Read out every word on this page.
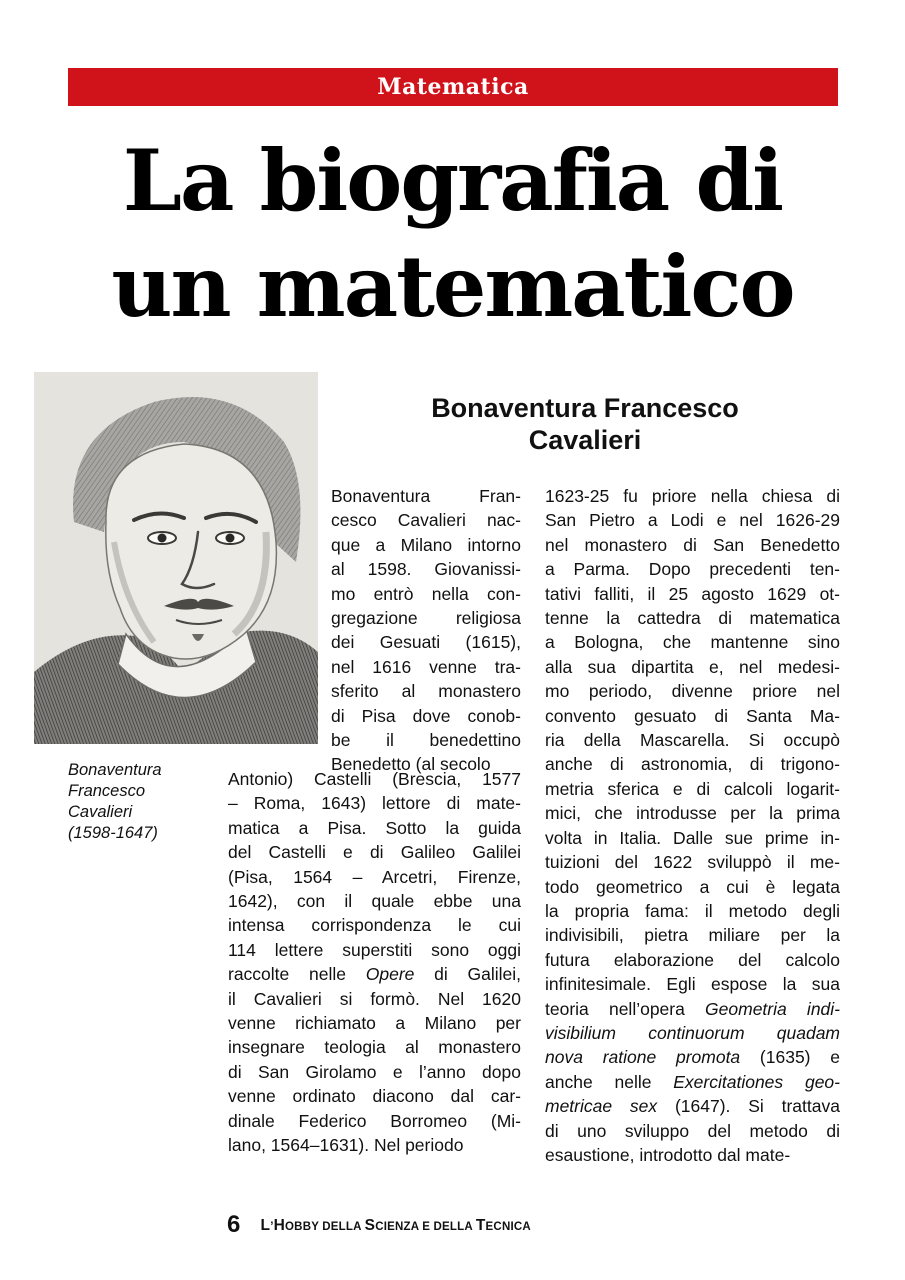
Matematica
La biografia di
un matematico
Bonaventura
Francesco
Cavalieri
(1598-1647)
Bonaventura Francesco
Cavalieri
Bonaventura Fran-
cesco Cavalieri nac-
que a Milano intorno
al 1598. Giovanissi-
mo entrò nella con-
gregazione religiosa
dei Gesuati (1615),
nel 1616 venne tra-
sferito al monastero
di Pisa dove conob-
be il benedettino
Benedetto (al secolo
Antonio) Castelli (Brescia, 1577
– Roma, 1643) lettore di mate-
matica a Pisa. Sotto la guida
del Castelli e di Galileo Galilei
(Pisa, 1564 – Arcetri, Firenze,
1642), con il quale ebbe una
intensa corrispondenza le cui
114 lettere superstiti sono oggi
raccolte nelle Opere di Galilei,
il Cavalieri si formò. Nel 1620
venne richiamato a Milano per
insegnare teologia al monastero
di San Girolamo e l’anno dopo
venne ordinato diacono dal car-
dinale Federico Borromeo (Mi-
lano, 1564–1631). Nel periodo
1623-25 fu priore nella chiesa di
San Pietro a Lodi e nel 1626-29
nel monastero di San Benedetto
a Parma. Dopo precedenti ten-
tativi falliti, il 25 agosto 1629 ot-
tenne la cattedra di matematica
a Bologna, che mantenne sino
alla sua dipartita e, nel medesi-
mo periodo, divenne priore nel
convento gesuato di Santa Ma-
ria della Mascarella. Si occupò
anche di astronomia, di trigono-
metria sferica e di calcoli logarit-
mici, che introdusse per la prima
volta in Italia. Dalle sue prime in-
tuizioni del 1622 sviluppò il me-
todo geometrico a cui è legata
la propria fama: il metodo degli
indivisibili, pietra miliare per la
futura elaborazione del calcolo
infinitesimale. Egli espose la sua
teoria nell’opera Geometria indi-
visibilium continuorum quadam
nova ratione promota (1635) e
anche nelle Exercitationes geo-
metricae sex (1647). Si trattava
di uno sviluppo del metodo di
esaustione, introdotto dal mate-
6 L’HOBBY DELLA SCIENZA E DELLA TECNICA
